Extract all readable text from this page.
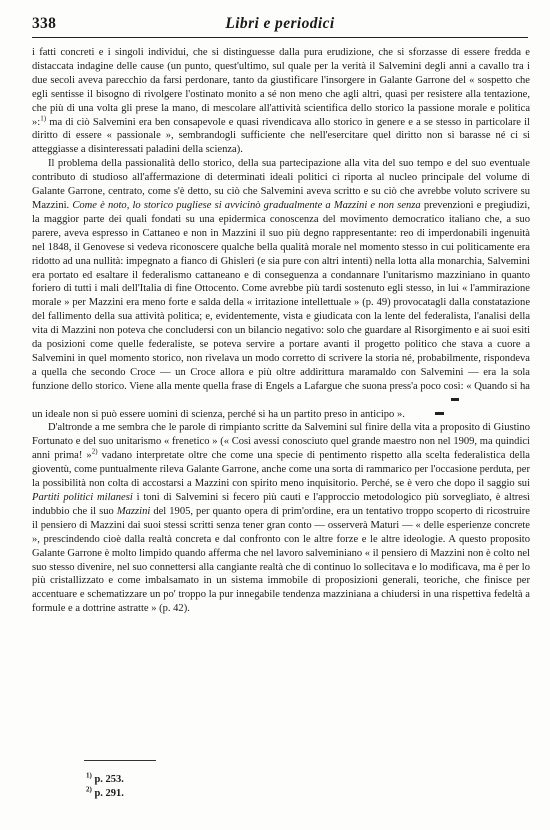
338	Libri e periodici

i fatti concreti e i singoli individui, che si distinguesse dalla pura erudizione, che si sforzasse di essere fredda e distaccata indagine delle cause (un punto, quest'ultimo, sul quale per la verità il Salvemini degli anni a cavallo tra i due secoli aveva parecchio da farsi perdonare, tanto da giustificare l'insorgere in Galante Garrone del « sospetto che egli sentisse il bisogno di rivolgere l'ostinato monito a sé non meno che agli altri, quasi per resistere alla tentazione, che più di una volta gli prese la mano, di mescolare all'attività scientifica dello storico la passione morale e politica »:$^{1)}$ ma di ciò Salvemini era ben consapevole e quasi rivendicava allo storico in genere e a se stesso in particolare il diritto di essere « passionale », sembrandogli sufficiente che nell'esercitare quel diritto non si barasse né ci si atteggiasse a disinteressati paladini della scienza).

Il problema della passionalità dello storico, della sua partecipazione alla vita del suo tempo e del suo eventuale contributo di studioso all'affermazione di determinati ideali politici ci riporta al nucleo principale del volume di Galante Garrone, centrato, come s'è detto, su ciò che Salvemini aveva scritto e su ciò che avrebbe voluto scrivere su Mazzini. Come è noto, lo storico pugliese si avvicinò gradualmente a Mazzini e non senza prevenzioni e pregiudizi, la maggior parte dei quali fondati su una epidermica conoscenza del movimento democratico italiano che, a suo parere, aveva espresso in Cattaneo e non in Mazzini il suo più degno rappresentante: reo di imperdonabili ingenuità nel 1848, il Genovese si vedeva riconoscere qualche bella qualità morale nel momento stesso in cui politicamente era ridotto ad una nullità: impegnato a fianco di Ghisleri (e sia pure con altri intenti) nella lotta alla monarchia, Salvemini era portato ed esaltare il federalismo cattaneano e di conseguenza a condannare l'unitarismo mazziniano in quanto foriero di tutti i mali dell'Italia di fine Ottocento. Come avrebbe più tardi sostenuto egli stesso, in lui « l'ammirazione morale » per Mazzini era meno forte e salda della « irritazione intellettuale » (p. 49) provocatagli dalla constatazione del fallimento della sua attività politica; e, evidentemente, vista e giudicata con la lente del federalista, l'analisi della vita di Mazzini non poteva che concludersi con un bilancio negativo: solo che guardare al Risorgimento e ai suoi esiti da posizioni come quelle federaliste, se poteva servire a portare avanti il progetto politico che stava a cuore a Salvemini in quel momento storico, non rivelava un modo corretto di scrivere la storia né, probabilmente, rispondeva a quella che secondo Croce — un Croce allora e più oltre addirittura maramaldo con Salvemini — era la sola funzione dello storico. Viene alla mente quella frase di Engels a Lafargue che suona press'a poco così: « Quando si ha un ideale non si può essere uomini di scienza, perché si ha un partito preso in anticipo ».

D'altronde a me sembra che le parole di rimpianto scritte da Salvemini sul finire della vita a proposito di Giustino Fortunato e del suo unitarismo « frenetico » (« Così avessi conosciuto quel grande maestro non nel 1909, ma quindici anni prima! »$^{2)}$ vadano interpretate oltre che come una specie di pentimento rispetto alla scelta federalistica della gioventù, come puntualmente rileva Galante Garrone, anche come una sorta di rammarico per l'occasione perduta, per la possibilità non colta di accostarsi a Mazzini con spirito meno inquisitorio. Perché, se è vero che dopo il saggio sui Partiti politici milanesi i toni di Salvemini si fecero più cauti e l'approccio metodologico più sorvegliato, è altresì indubbio che il suo Mazzini del 1905, per quanto opera di prim'ordine, era un tentativo troppo scoperto di ricostruire il pensiero di Mazzini dai suoi stessi scritti senza tener gran conto — osserverà Maturi — « delle esperienze concrete », prescindendo cioè dalla realtà concreta e dal confronto con le altre forze e le altre ideologie. A questo proposito Galante Garrone è molto limpido quando afferma che nel lavoro salveminiano « il pensiero di Mazzini non è colto nel suo stesso divenire, nel suo connettersi alla cangiante realtà che di continuo lo sollecitava e lo modificava, ma è per lo più cristallizzato e come imbalsamato in un sistema immobile di proposizioni generali, teoriche, che finisce per accentuare e schematizzare un po' troppo la pur innegabile tendenza mazziniana a chiudersi in una rispettiva fedeltà a formule e a dottrine astratte » (p. 42).

$^{1)}$ p. 253.
$^{2)}$ p. 291.
